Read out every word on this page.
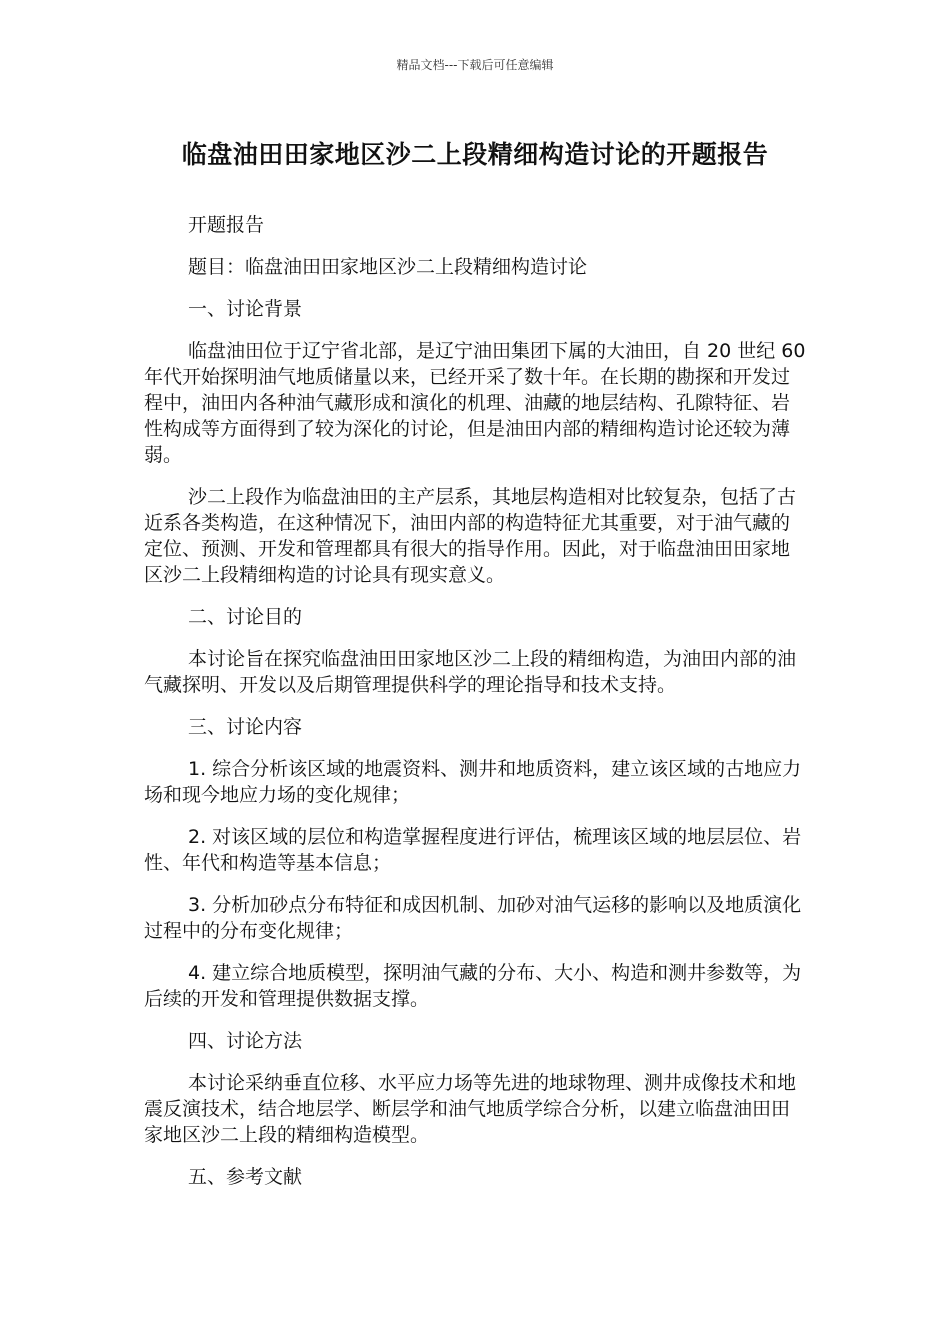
精品文档---下载后可任意编辑
临盘油田田家地区沙二上段精细构造讨论的开题报告

开题报告

题目：临盘油田田家地区沙二上段精细构造讨论

一、讨论背景

临盘油田位于辽宁省北部，是辽宁油田集团下属的大油田，自 20 世纪 60 年代开始探明油气地质储量以来，已经开采了数十年。在长期的勘探和开发过程中，油田内各种油气藏形成和演化的机理、油藏的地层结构、孔隙特征、岩性构成等方面得到了较为深化的讨论，但是油田内部的精细构造讨论还较为薄弱。

沙二上段作为临盘油田的主产层系，其地层构造相对比较复杂，包括了古近系各类构造，在这种情况下，油田内部的构造特征尤其重要，对于油气藏的定位、预测、开发和管理都具有很大的指导作用。因此，对于临盘油田田家地区沙二上段精细构造的讨论具有现实意义。

二、讨论目的

本讨论旨在探究临盘油田田家地区沙二上段的精细构造，为油田内部的油气藏探明、开发以及后期管理提供科学的理论指导和技术支持。

三、讨论内容

1. 综合分析该区域的地震资料、测井和地质资料，建立该区域的古地应力场和现今地应力场的变化规律；

2. 对该区域的层位和构造掌握程度进行评估，梳理该区域的地层层位、岩性、年代和构造等基本信息；

3. 分析加砂点分布特征和成因机制、加砂对油气运移的影响以及地质演化过程中的分布变化规律；

4. 建立综合地质模型，探明油气藏的分布、大小、构造和测井参数等，为后续的开发和管理提供数据支撑。

四、讨论方法

本讨论采纳垂直位移、水平应力场等先进的地球物理、测井成像技术和地震反演技术，结合地层学、断层学和油气地质学综合分析，以建立临盘油田田家地区沙二上段的精细构造模型。

五、参考文献
